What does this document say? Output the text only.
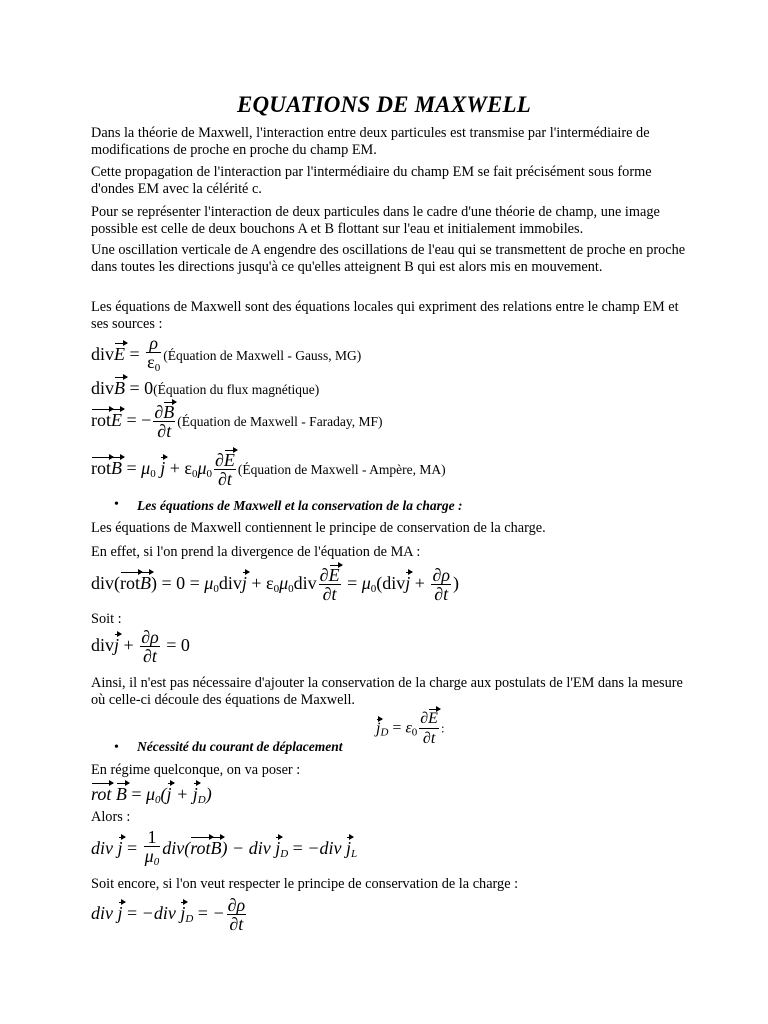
EQUATIONS DE MAXWELL
Dans la théorie de Maxwell, l'interaction entre deux particules est transmise par l'intermédiaire de modifications de proche en proche du champ EM.
Cette propagation de l'interaction par l'intermédiaire du champ EM se fait précisément sous forme d'ondes EM avec la célérité c.
Pour se représenter l'interaction de deux particules dans le cadre d'une théorie de champ, une image possible est celle de deux bouchons A et B flottant sur l'eau et initialement immobiles.
Une oscillation verticale de A engendre des oscillations de l'eau qui se transmettent de proche en proche dans toutes les directions jusqu'à ce qu'elles atteignent B qui est alors mis en mouvement.
Les équations de Maxwell sont des équations locales qui expriment des relations entre le champ EM et ses sources :
divE = $\frac{\rho}{\varepsilon_0}$ (Équation de Maxwell - Gauss, MG)
divB = 0(Équation du flux magnétique)
rotE = − $\frac{\partial B}{\partial t}$ (Équation de Maxwell - Faraday, MF)
rotB = $\mu_0$ $j + \varepsilon_0\mu_0 \frac{\partial E}{\partial t}$ (Équation de Maxwell - Ampère, MA)
• Les équations de Maxwell et la conservation de la charge :
Les équations de Maxwell contiennent le principe de conservation de la charge.
En effet, si l'on prend la divergence de l'équation de MA :
div(rotB) = $0 = \mu_0divj + \varepsilon_0\mu_0div \frac{\partial E}{\partial t}$ = $\mu_0(divj + \frac{\partial\rho}{\partial t}$ )
Soit :
divj + $\frac{\partial\rho}{\partial t} = 0$
Ainsi, il n'est pas nécessaire d'ajouter la conservation de la charge aux postulats de l'EM dans la mesure où celle-ci découle des équations de Maxwell.
• Nécessité du courant de déplacement
$j_D = \varepsilon_0 \frac{\partial E}{\partial t}$ :
En régime quelconque, on va poser :
rot $B = \mu_0(j + j_D)$
Alors :
div $j = \frac{1}{\mu_0}$ div(rotB) − div $j_D = -div$ $j_L$
Soit encore, si l'on veut respecter le principe de conservation de la charge :
div j = −div $j_D$ = − $\frac{\partial\rho}{\partial t}$
